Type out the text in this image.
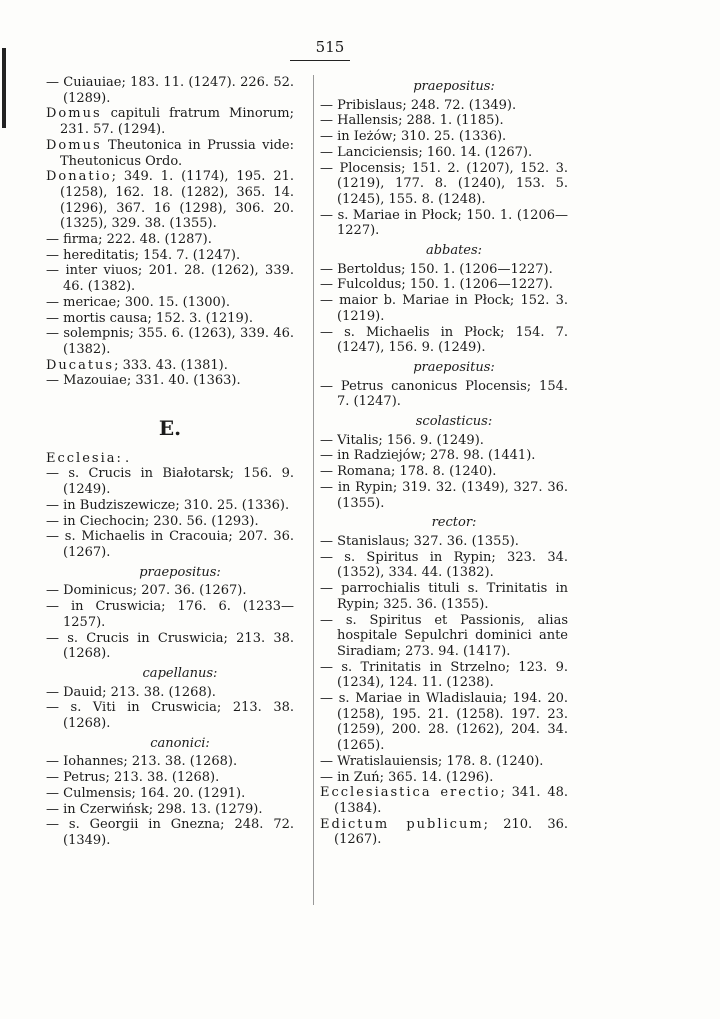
515

— Cuiauiae; 183. 11. (1247). 226. 52. (1289).

Domus capituli fratrum Minorum; 231. 57. (1294).

Domus Theutonica in Prussia vide: Theutonicus Ordo.

Donatio; 349. 1. (1174), 195. 21. (1258), 162. 18. (1282), 365. 14. (1296), 367. 16 (1298), 306. 20. (1325), 329. 38. (1355).

— firma; 222. 48. (1287).

— hereditatis; 154. 7. (1247).

— inter viuos; 201. 28. (1262), 339. 46. (1382).

— mericae; 300. 15. (1300).

— mortis causa; 152. 3. (1219).

— solempnis; 355. 6. (1263), 339. 46. (1382).

Ducatus; 333. 43. (1381).

— Mazouiae; 331. 40. (1363).

E.

Ecclesia: .

— s. Crucis in Białotarsk; 156. 9. (1249).

— in Budziszewicze; 310. 25. (1336).

— in Ciechocin; 230. 56. (1293).

— s. Michaelis in Cracouia; 207. 36. (1267).

praepositus:

— Dominicus; 207. 36. (1267).

— in Cruswicia; 176. 6. (1233—1257).

— s. Crucis in Cruswicia; 213. 38. (1268).

capellanus:

— Dauid; 213. 38. (1268).

— s. Viti in Cruswicia; 213. 38. (1268).

canonici:

— Iohannes; 213. 38. (1268).

— Petrus; 213. 38. (1268).

— Culmensis; 164. 20. (1291).

— in Czerwińsk; 298. 13. (1279).

— s. Georgii in Gnezna; 248. 72. (1349).

praepositus:

— Pribislaus; 248. 72. (1349).

— Hallensis; 288. 1. (1185).

— in Ieżów; 310. 25. (1336).

— Lanciciensis; 160. 14. (1267).

— Plocensis; 151. 2. (1207), 152. 3. (1219), 177. 8. (1240), 153. 5. (1245), 155. 8. (1248).

— s. Mariae in Płock; 150. 1. (1206—1227).

abbates:

— Bertoldus; 150. 1. (1206—1227).

— Fulcoldus; 150. 1. (1206—1227).

— maior b. Mariae in Płock; 152. 3. (1219).

— s. Michaelis in Płock; 154. 7. (1247), 156. 9. (1249).

praepositus:

— Petrus canonicus Plocensis; 154. 7. (1247).

scolasticus:

— Vitalis; 156. 9. (1249).

— in Radziejów; 278. 98. (1441).

— Romana; 178. 8. (1240).

— in Rypin; 319. 32. (1349), 327. 36. (1355).

rector:

— Stanislaus; 327. 36. (1355).

— s. Spiritus in Rypin; 323. 34. (1352), 334. 44. (1382).

— parrochialis tituli s. Trinitatis in Rypin; 325. 36. (1355).

— s. Spiritus et Passionis, alias hospitale Sepulchri dominici ante Siradiam; 273. 94. (1417).

— s. Trinitatis in Strzelno; 123. 9. (1234), 124. 11. (1238).

— s. Mariae in Wladislauia; 194. 20. (1258), 195. 21. (1258). 197. 23. (1259), 200. 28. (1262), 204. 34. (1265).

— Wratislauiensis; 178. 8. (1240).

— in Zuń; 365. 14. (1296).

Ecclesiastica erectio; 341. 48. (1384).

Edictum publicum; 210. 36. (1267).
